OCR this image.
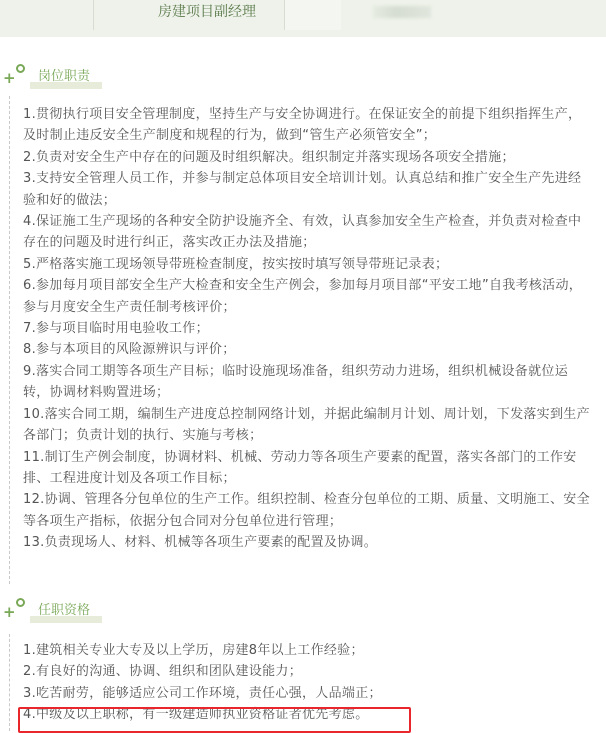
房建项目副经理
+ 岗位职责

1.贯彻执行项目安全管理制度，坚持生产与安全协调进行。在保证安全的前提下组织指挥生产，及时制止违反安全生产制度和规程的行为，做到“管生产必须管安全”；

2.负责对安全生产中存在的问题及时组织解决。组织制定并落实现场各项安全措施；

3.支持安全管理人员工作，并参与制定总体项目安全培训计划。认真总结和推广安全生产先进经验和好的做法；

4.保证施工生产现场的各种安全防护设施齐全、有效，认真参加安全生产检查，并负责对检查中存在的问题及时进行纠正，落实改正办法及措施；

5.严格落实施工现场领导带班检查制度，按实按时填写领导带班记录表；

6.参加每月项目部安全生产大检查和安全生产例会，参加每月项目部“平安工地”自我考核活动，参与月度安全生产责任制考核评价；

7.参与项目临时用电验收工作；

8.参与本项目的风险源辨识与评价；

9.落实合同工期等各项生产目标；临时设施现场准备，组织劳动力进场，组织机械设备就位运转，协调材料购置进场；

10.落实合同工期，编制生产进度总控制网络计划，并据此编制月计划、周计划，下发落实到生产各部门；负责计划的执行、实施与考核；

11.制订生产例会制度，协调材料、机械、劳动力等各项生产要素的配置，落实各部门的工作安排、工程进度计划及各项工作目标；

12.协调、管理各分包单位的生产工作。组织控制、检查分包单位的工期、质量、文明施工、安全等各项生产指标，依据分包合同对分包单位进行管理；

13.负责现场人、材料、机械等各项生产要素的配置及协调。

+ 任职资格

1.建筑相关专业大专及以上学历，房建8年以上工作经验；

2.有良好的沟通、协调、组织和团队建设能力；

3.吃苦耐劳，能够适应公司工作环境，责任心强，人品端正；

4.中级及以上职称，有一级建造师执业资格证者优先考虑。
